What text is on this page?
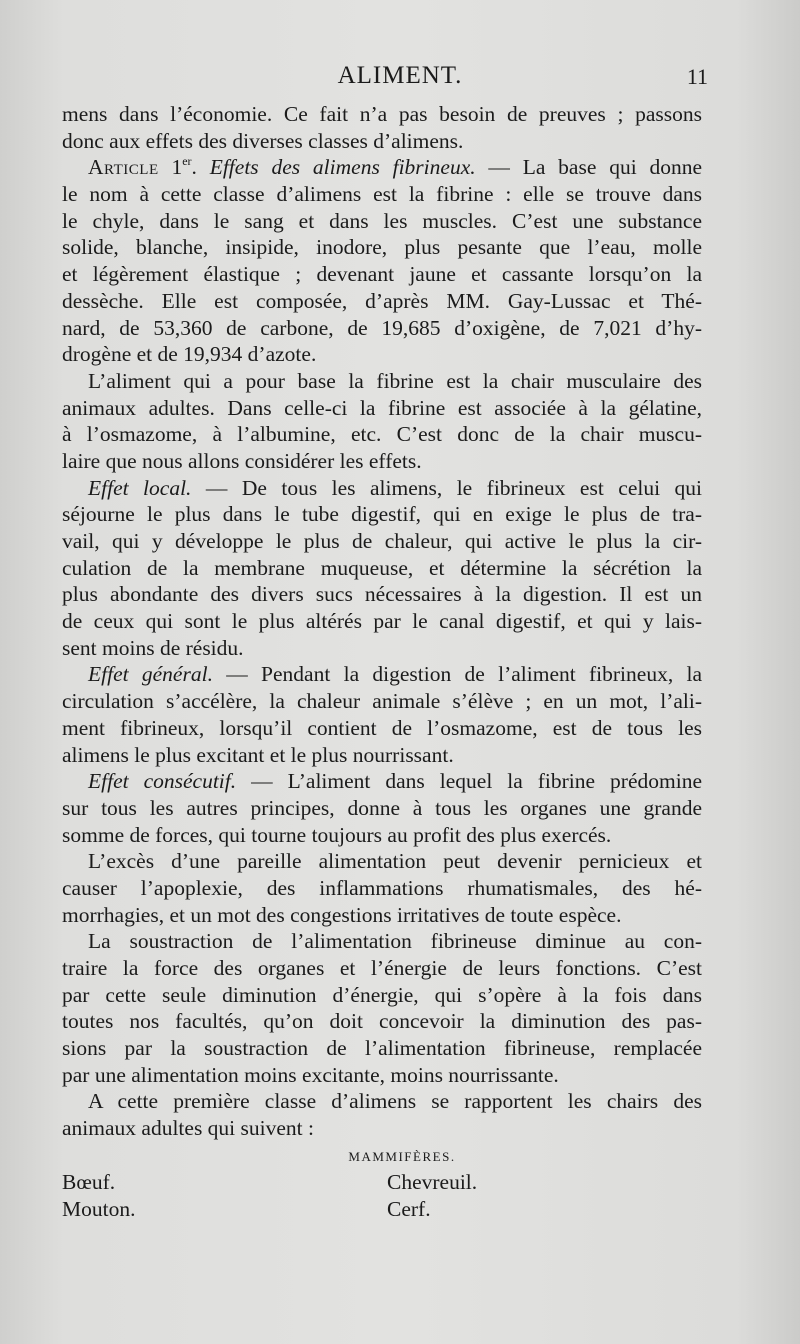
ALIMENT.	11
mens dans l’économie. Ce fait n’a pas besoin de preuves ; passons
donc aux effets des diverses classes d’alimens.
Article 1er. Effets des alimens fibrineux. — La base qui donne
le nom à cette classe d’alimens est la fibrine : elle se trouve dans
le chyle, dans le sang et dans les muscles. C’est une substance
solide, blanche, insipide, inodore, plus pesante que l’eau, molle
et légèrement élastique ; devenant jaune et cassante lorsqu’on la
dessèche. Elle est composée, d’après MM. Gay-Lussac et Thé-
nard, de 53,360 de carbone, de 19,685 d’oxigène, de 7,021 d’hy-
drogène et de 19,934 d’azote.
L’aliment qui a pour base la fibrine est la chair musculaire des
animaux adultes. Dans celle-ci la fibrine est associée à la gélatine,
à l’osmazome, à l’albumine, etc. C’est donc de la chair muscu-
laire que nous allons considérer les effets.
Effet local. — De tous les alimens, le fibrineux est celui qui
séjourne le plus dans le tube digestif, qui en exige le plus de tra-
vail, qui y développe le plus de chaleur, qui active le plus la cir-
culation de la membrane muqueuse, et détermine la sécrétion la
plus abondante des divers sucs nécessaires à la digestion. Il est un
de ceux qui sont le plus altérés par le canal digestif, et qui y lais-
sent moins de résidu.
Effet général. — Pendant la digestion de l’aliment fibrineux, la
circulation s’accélère, la chaleur animale s’élève ; en un mot, l’ali-
ment fibrineux, lorsqu’il contient de l’osmazome, est de tous les
alimens le plus excitant et le plus nourrissant.
Effet consécutif. — L’aliment dans lequel la fibrine prédomine
sur tous les autres principes, donne à tous les organes une grande
somme de forces, qui tourne toujours au profit des plus exercés.
L’excès d’une pareille alimentation peut devenir pernicieux et
causer l’apoplexie, des inflammations rhumatismales, des hé-
morrhagies, et un mot des congestions irritatives de toute espèce.
La soustraction de l’alimentation fibrineuse diminue au con-
traire la force des organes et l’énergie de leurs fonctions. C’est
par cette seule diminution d’énergie, qui s’opère à la fois dans
toutes nos facultés, qu’on doit concevoir la diminution des pas-
sions par la soustraction de l’alimentation fibrineuse, remplacée
par une alimentation moins excitante, moins nourrissante.
A cette première classe d’alimens se rapportent les chairs des
animaux adultes qui suivent :
MAMMIFÈRES.
Bœuf.	Chevreuil.
Mouton.	Cerf.
